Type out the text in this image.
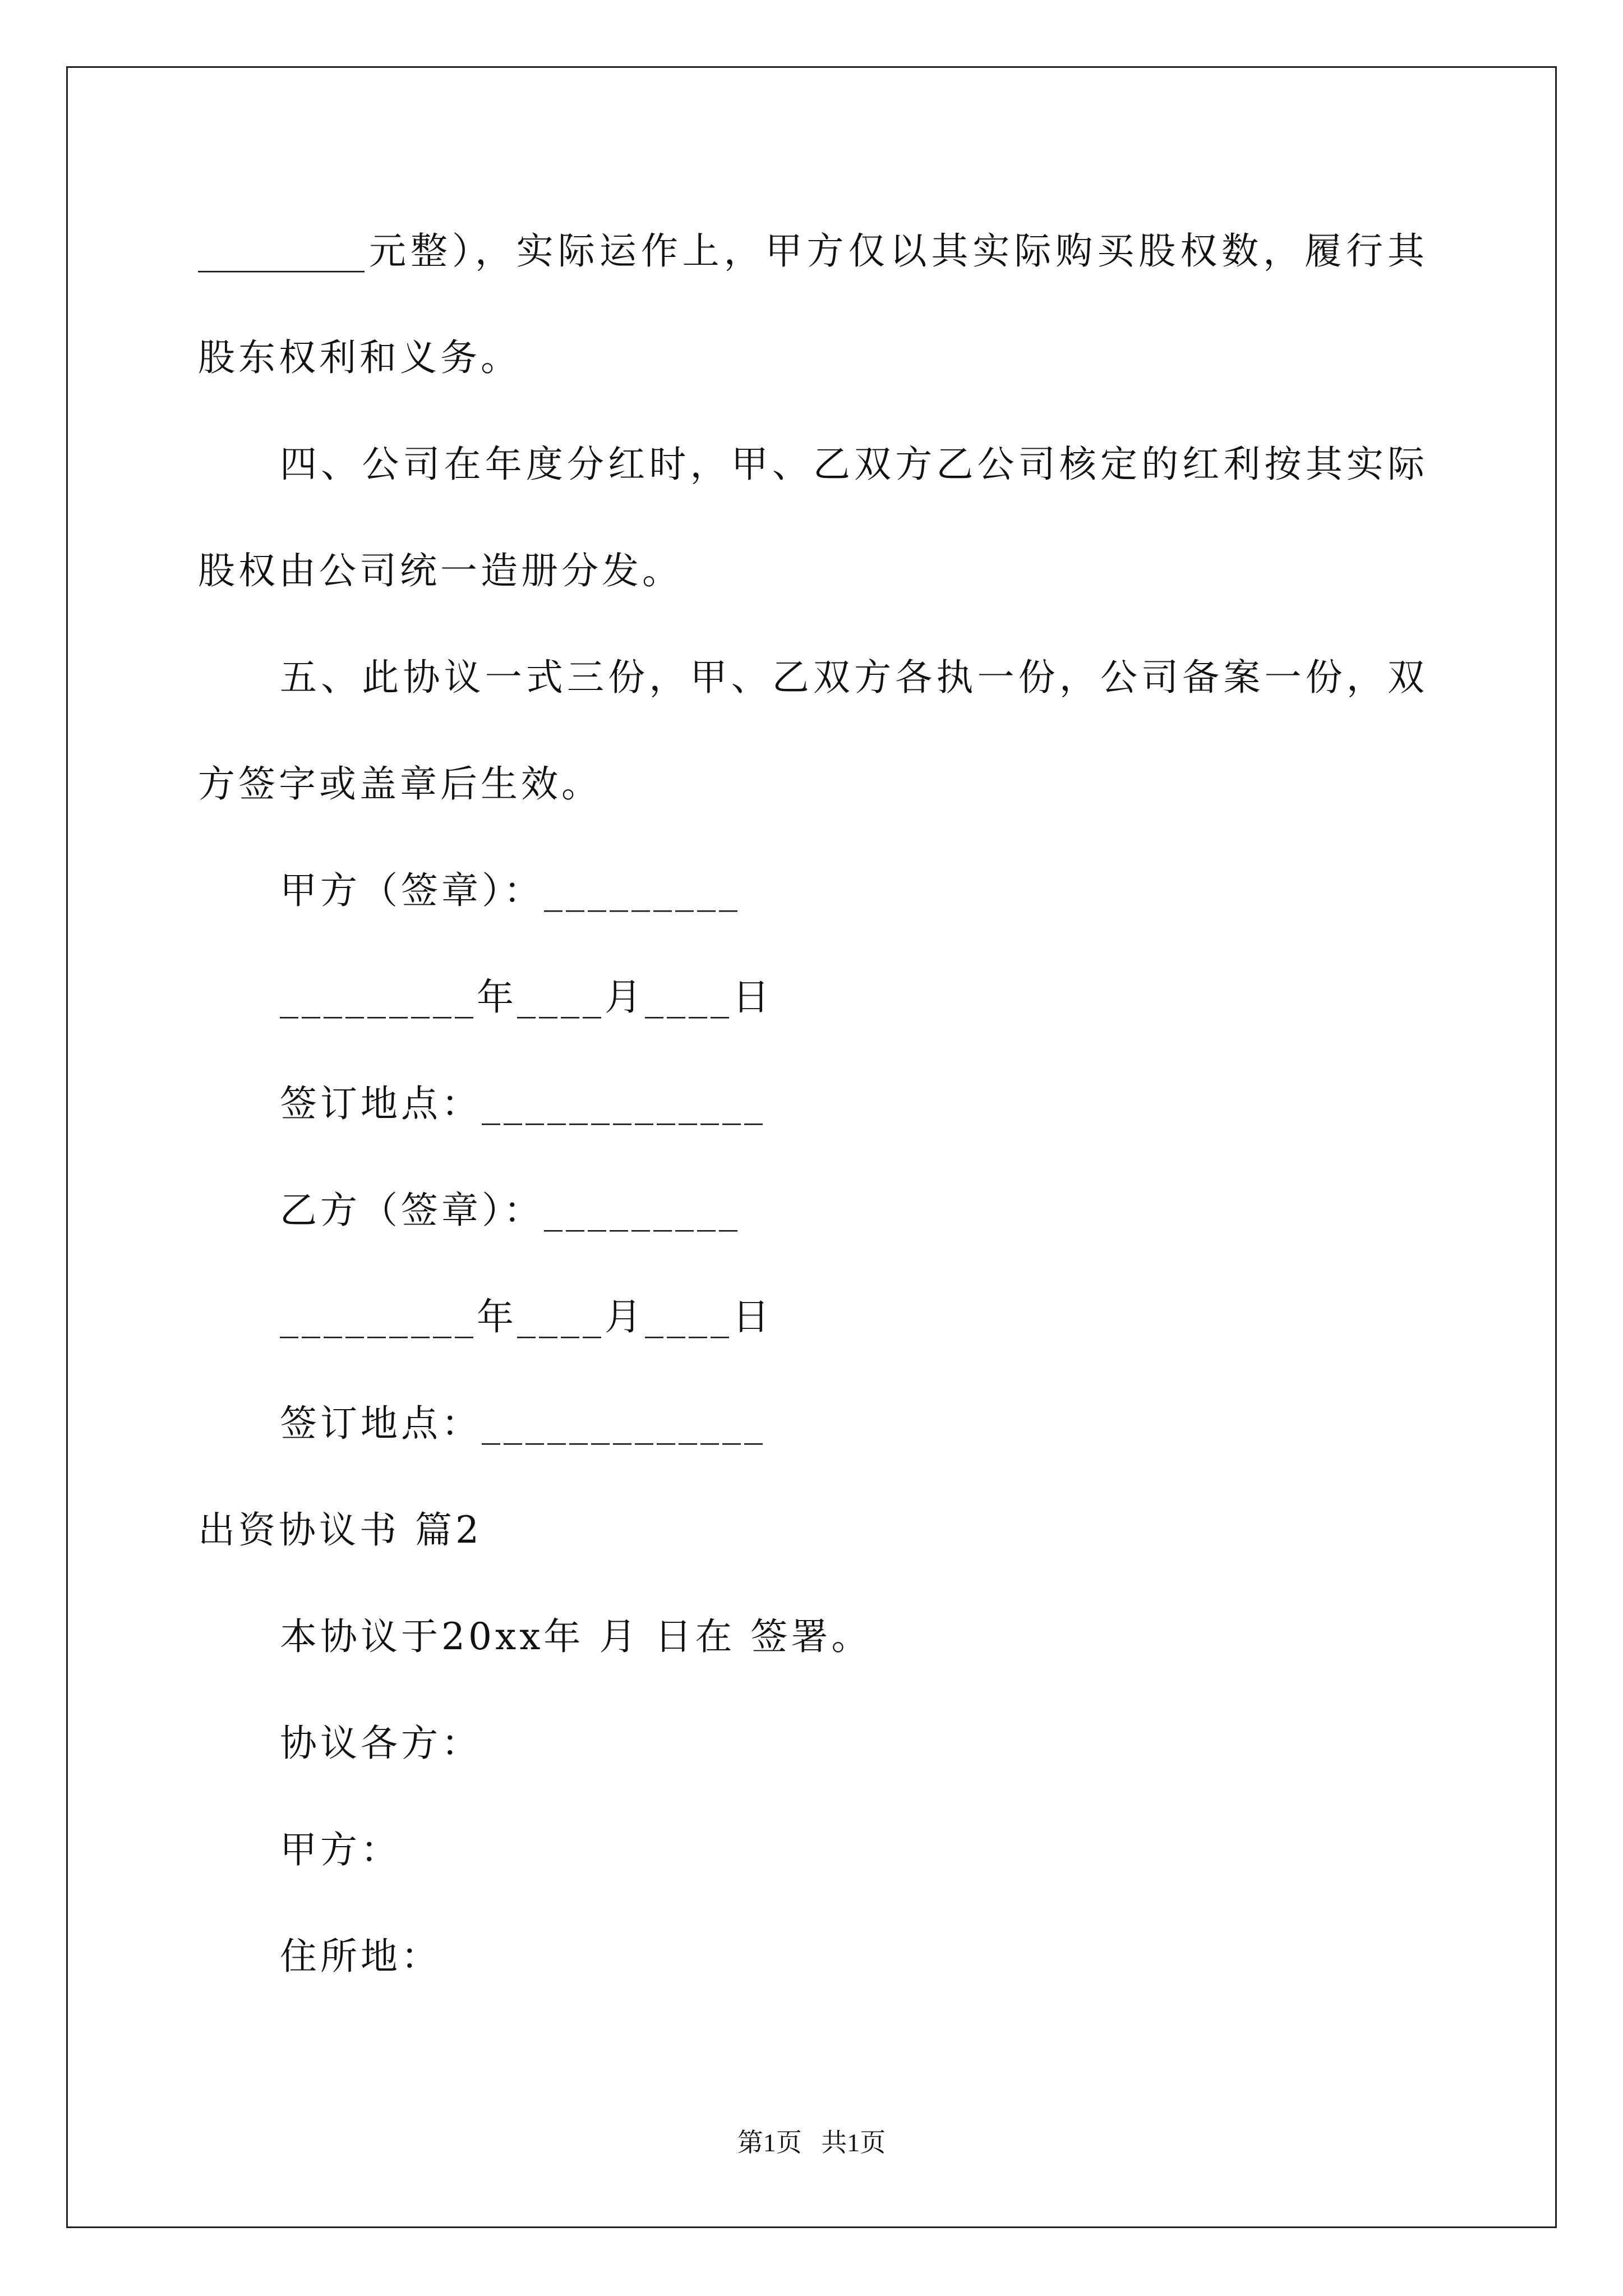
_________元整），实际运作上，甲方仅以其实际购买股权数，履行其
股东权利和义务。
四、公司在年度分红时，甲、乙双方乙公司核定的红利按其实际
股权由公司统一造册分发。
五、此协议一式三份，甲、乙双方各执一份，公司备案一份，双
方签字或盖章后生效。
甲方（签章）：_________
_________年____月____日
签订地点：_____________
乙方（签章）：_________
_________年____月____日
签订地点：_____________
出资协议书 篇2
本协议于20xx年 月 日在 签署。
协议各方：
甲方：
住所地：
第1页   共1页
